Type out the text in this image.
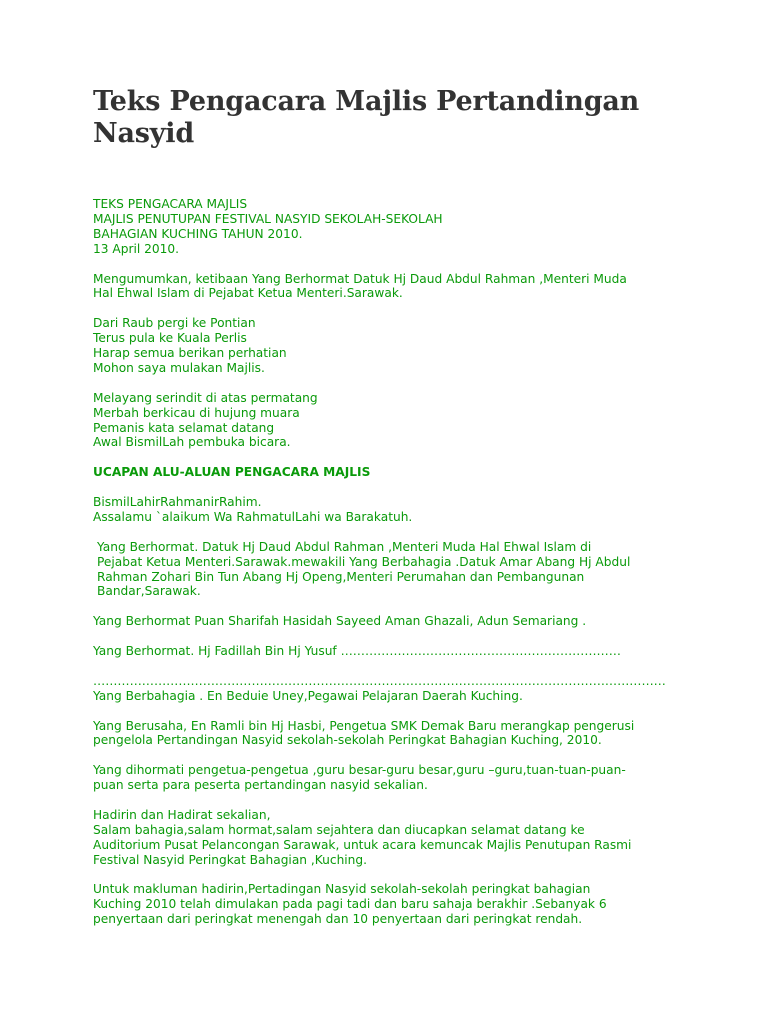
Teks Pengacara Majlis Pertandingan Nasyid
TEKS PENGACARA MAJLIS
MAJLIS PENUTUPAN FESTIVAL NASYID SEKOLAH-SEKOLAH
BAHAGIAN KUCHING TAHUN 2010.
13 April 2010.
Mengumumkan, ketibaan Yang Berhormat Datuk Hj Daud Abdul Rahman ,Menteri Muda
Hal Ehwal Islam di Pejabat Ketua Menteri.Sarawak.
Dari Raub pergi ke Pontian
Terus pula ke Kuala Perlis
Harap semua berikan perhatian
Mohon saya mulakan Majlis.
Melayang serindit di atas permatang
Merbah berkicau di hujung muara
Pemanis kata selamat datang
Awal BismilLah pembuka bicara.
UCAPAN ALU-ALUAN PENGACARA MAJLIS
BismilLahirRahmanirRahim.
Assalamu `alaikum Wa RahmatulLahi wa Barakatuh.
Yang Berhormat. Datuk Hj Daud Abdul Rahman ,Menteri Muda Hal Ehwal Islam di
Pejabat Ketua Menteri.Sarawak.mewakili Yang Berbahagia .Datuk Amar Abang Hj Abdul
Rahman Zohari Bin Tun Abang Hj Openg,Menteri Perumahan dan Pembangunan
Bandar,Sarawak.
Yang Berhormat Puan Sharifah Hasidah Sayeed Aman Ghazali, Adun Semariang .
Yang Berhormat. Hj Fadillah Bin Hj Yusuf ……………………………………………………………
……………………………………………………………………………………………………………………………
Yang Berbahagia . En Beduie Uney,Pegawai Pelajaran Daerah Kuching.
Yang Berusaha, En Ramli bin Hj Hasbi, Pengetua SMK Demak Baru merangkap pengerusi
pengelola Pertandingan Nasyid sekolah-sekolah Peringkat Bahagian Kuching, 2010.
Yang dihormati pengetua-pengetua ,guru besar-guru besar,guru –guru,tuan-tuan-puan-
puan serta para peserta pertandingan nasyid sekalian.
Hadirin dan Hadirat sekalian,
Salam bahagia,salam hormat,salam sejahtera dan diucapkan selamat datang ke
Auditorium Pusat Pelancongan Sarawak, untuk acara kemuncak Majlis Penutupan Rasmi
Festival Nasyid Peringkat Bahagian ,Kuching.
Untuk makluman hadirin,Pertadingan Nasyid sekolah-sekolah peringkat bahagian
Kuching 2010 telah dimulakan pada pagi tadi dan baru sahaja berakhir .Sebanyak 6
penyertaan dari peringkat menengah dan 10 penyertaan dari peringkat rendah.
